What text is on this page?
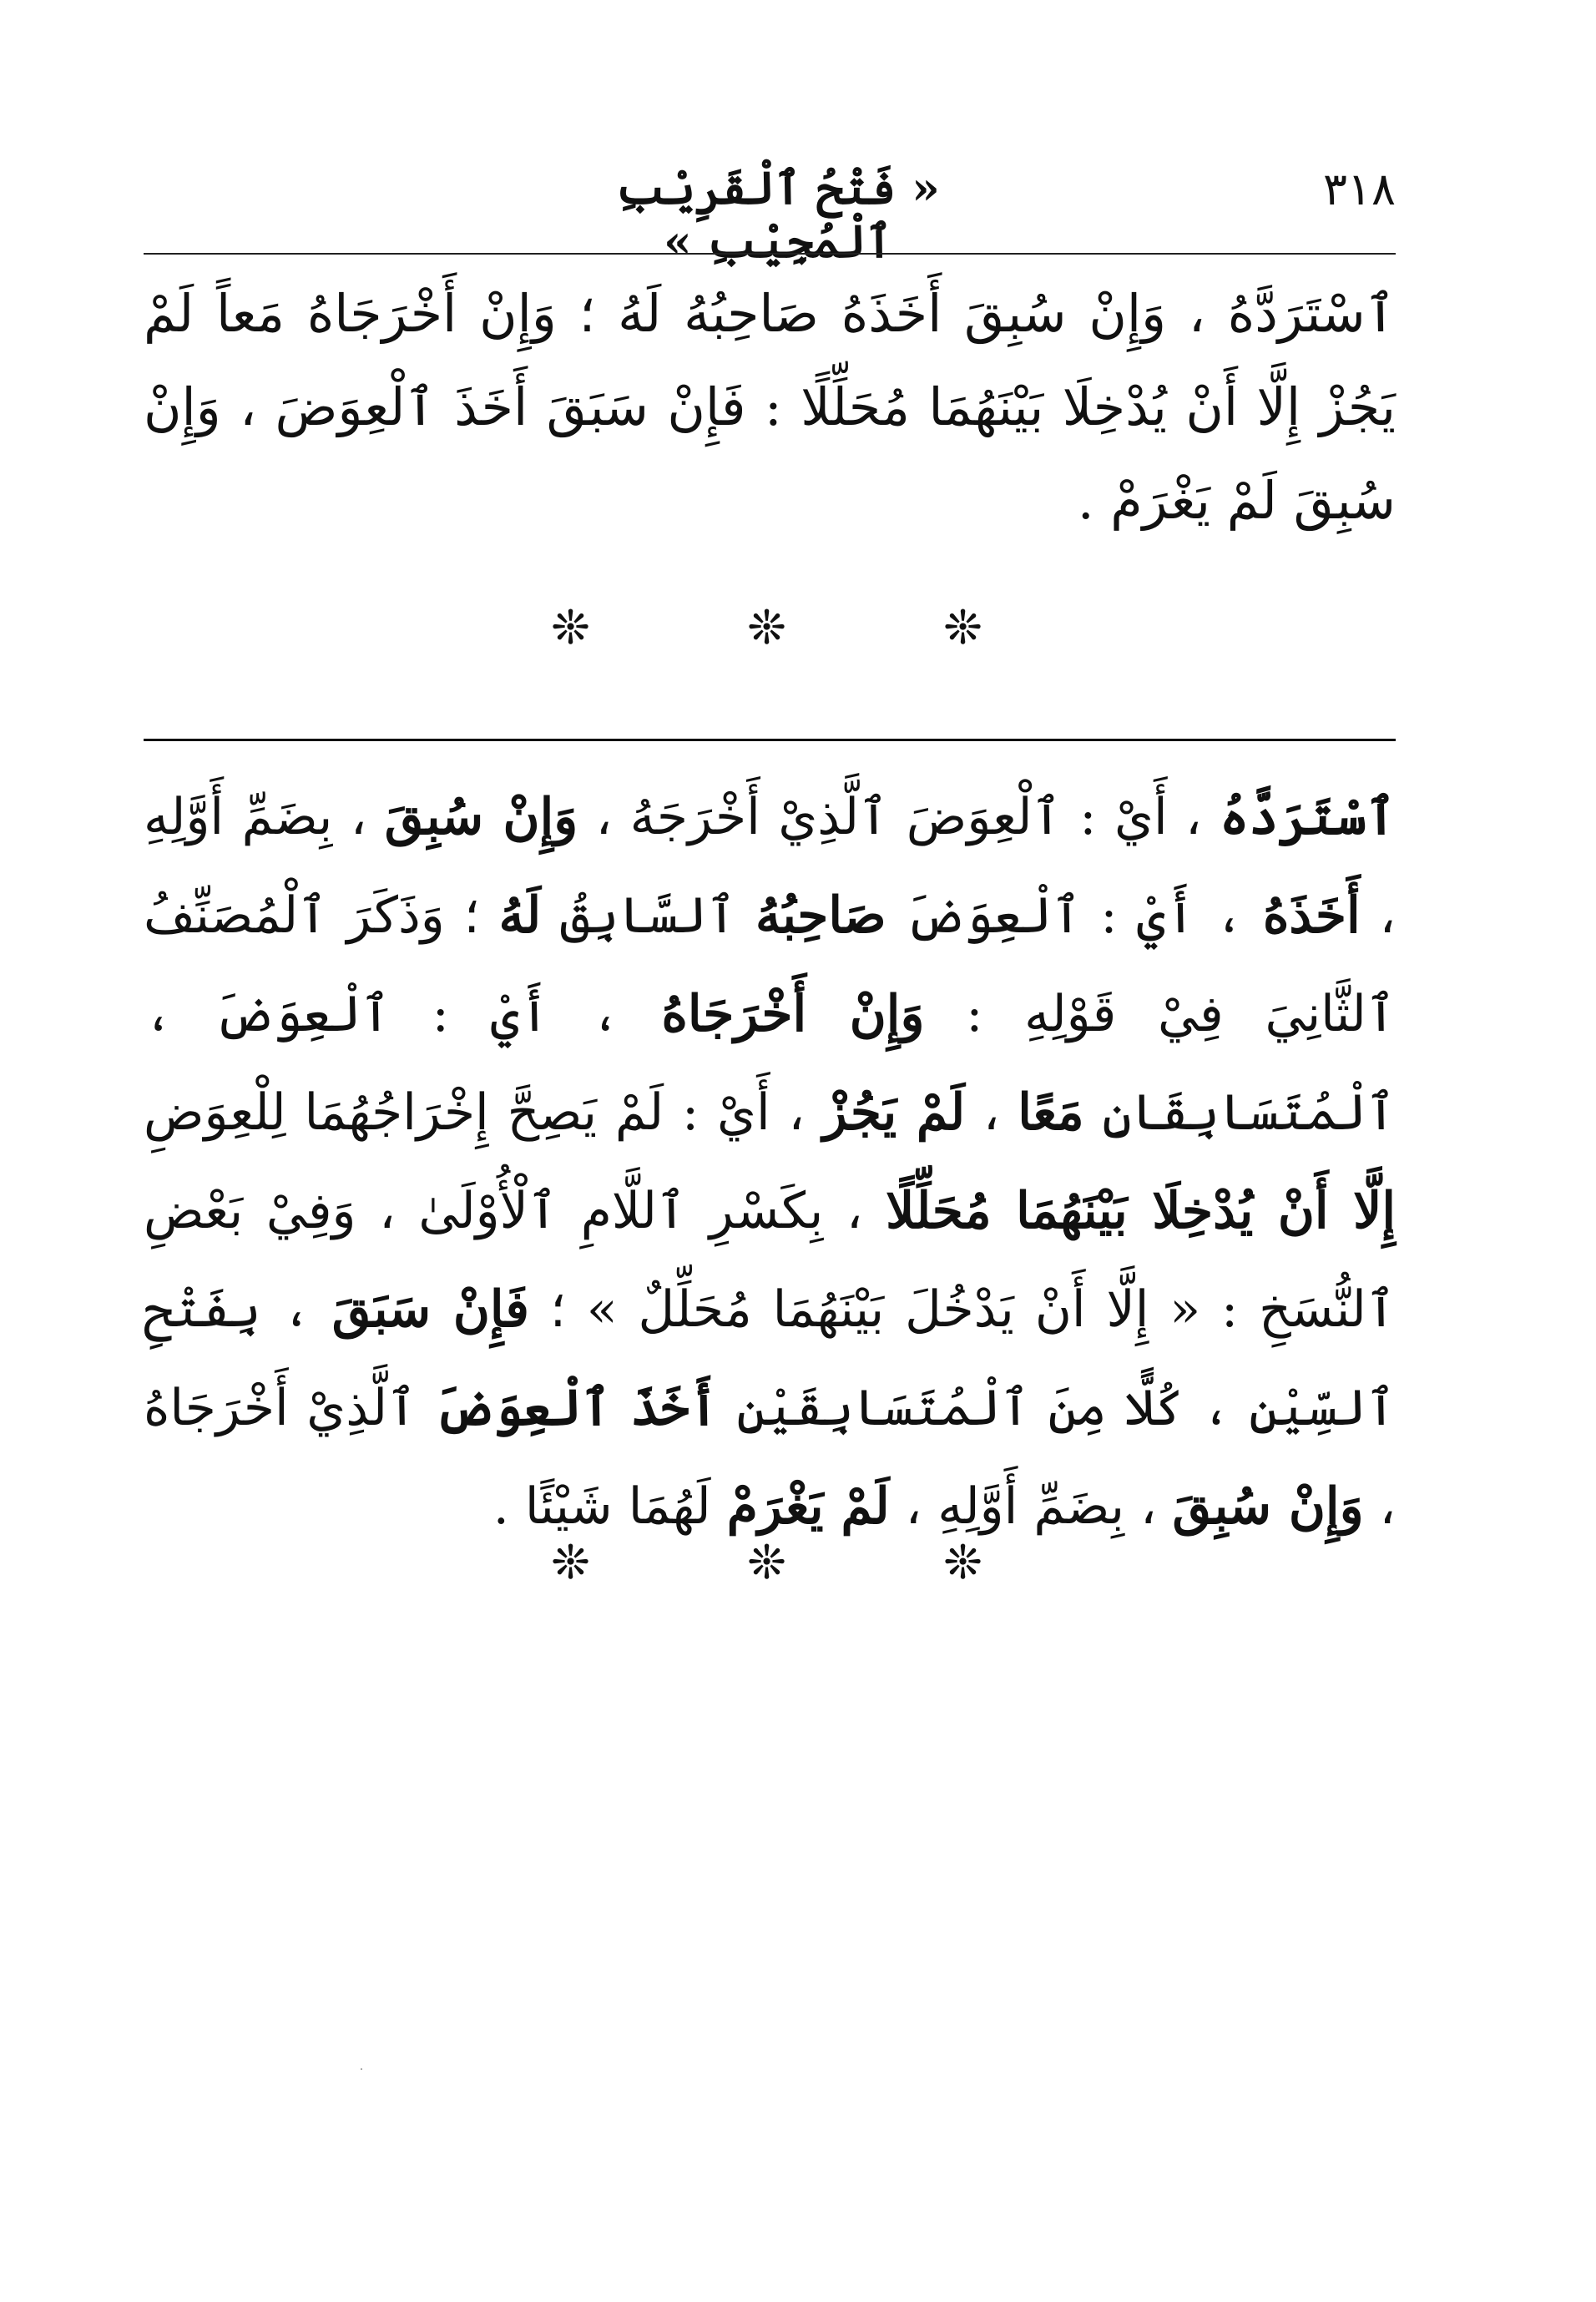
٣١٨
« فَتْحُ ٱلْقَرِيْبِ ٱلْمُجِيْبِ »
ٱسْتَرَدَّهُ ، وَإِنْ سُبِقَ أَخَذَهُ صَاحِبُهُ لَهُ ؛ وَإِنْ أَخْرَجَاهُ مَعاً لَمْ يَجُزْ إِلَّا أَنْ يُدْخِلَا بَيْنَهُمَا مُحَلِّلًا : فَإِنْ سَبَقَ أَخَذَ ٱلْعِوَضَ ، وَإِنْ سُبِقَ لَمْ يَغْرَمْ .
❊
❊
❊
ٱسْتَرَدَّهُ ، أَيْ : ٱلْعِوَضَ ٱلَّذِيْ أَخْرَجَهُ ، وَإِنْ سُبِقَ ، بِضَمِّ أَوَّلِهِ ، أَخَذَهُ ، أَيْ : ٱلْعِوَضَ صَاحِبُهُ ٱلسَّابِقُ لَهُ ؛ وَذَكَرَ ٱلْمُصَنِّفُ ٱلثَّانِيَ فِيْ قَوْلِهِ : وَإِنْ أَخْرَجَاهُ ، أَيْ : ٱلْعِوَضَ ، ٱلْمُتَسَابِقَانِ مَعًا ، لَمْ يَجُزْ ، أَيْ : لَمْ يَصِحَّ إِخْرَاجُهُمَا لِلْعِوَضِ إِلَّا أَنْ يُدْخِلَا بَيْنَهُمَا مُحَلِّلًا ، بِكَسْرِ ٱللَّامِ ٱلْأُوْلَىٰ ، وَفِيْ بَعْضِ ٱلنُّسَخِ : « إِلَّا أَنْ يَدْخُلَ بَيْنَهُمَا مُحَلِّلٌ » ؛ فَإِنْ سَبَقَ ، بِفَتْحِ ٱلسِّيْنِ ، كُلًّا مِنَ ٱلْمُتَسَابِقَيْنِ أَخَذَ ٱلْعِوَضَ ٱلَّذِيْ أَخْرَجَاهُ ، وَإِنْ سُبِقَ ، بِضَمِّ أَوَّلِهِ ، لَمْ يَغْرَمْ لَهُمَا شَيْئًا .
❊
❊
❊
